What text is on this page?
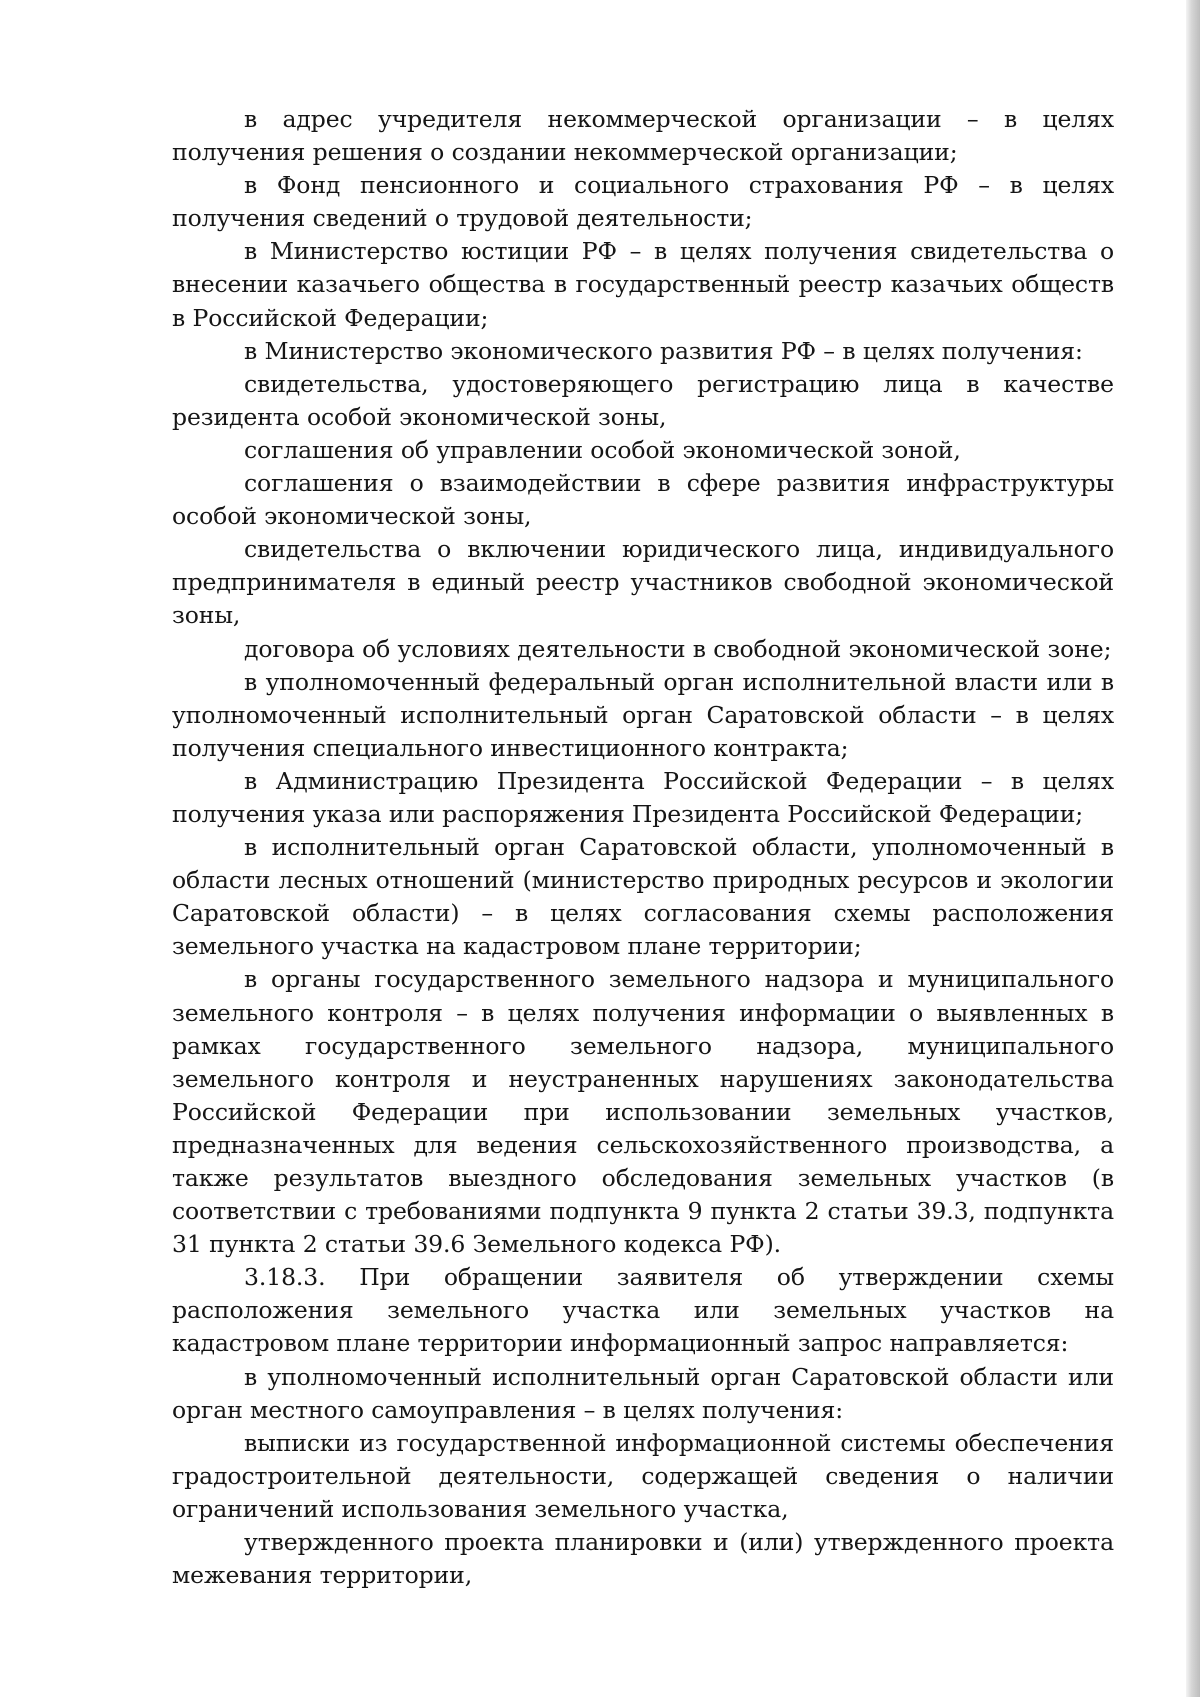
в адрес учредителя некоммерческой организации – в целях получения решения о создании некоммерческой организации;

в Фонд пенсионного и социального страхования РФ – в целях получения сведений о трудовой деятельности;

в Министерство юстиции РФ – в целях получения свидетельства о внесении казачьего общества в государственный реестр казачьих обществ в Российской Федерации;

в Министерство экономического развития РФ – в целях получения:

свидетельства, удостоверяющего регистрацию лица в качестве резидента особой экономической зоны,

соглашения об управлении особой экономической зоной,

соглашения о взаимодействии в сфере развития инфраструктуры особой экономической зоны,

свидетельства о включении юридического лица, индивидуального предпринимателя в единый реестр участников свободной экономической зоны,

договора об условиях деятельности в свободной экономической зоне;

в уполномоченный федеральный орган исполнительной власти или в уполномоченный исполнительный орган Саратовской области – в целях получения специального инвестиционного контракта;

в Администрацию Президента Российской Федерации – в целях получения указа или распоряжения Президента Российской Федерации;

в исполнительный орган Саратовской области, уполномоченный в области лесных отношений (министерство природных ресурсов и экологии Саратовской области) – в целях согласования схемы расположения земельного участка на кадастровом плане территории;

в органы государственного земельного надзора и муниципального земельного контроля – в целях получения информации о выявленных в рамках государственного земельного надзора, муниципального земельного контроля и неустраненных нарушениях законодательства Российской Федерации при использовании земельных участков, предназначенных для ведения сельскохозяйственного производства, а также результатов выездного обследования земельных участков (в соответствии с требованиями подпункта 9 пункта 2 статьи 39.3, подпункта 31 пункта 2 статьи 39.6 Земельного кодекса РФ).

3.18.3. При обращении заявителя об утверждении схемы расположения земельного участка или земельных участков на кадастровом плане территории информационный запрос направляется:

в уполномоченный исполнительный орган Саратовской области или орган местного самоуправления – в целях получения:

выписки из государственной информационной системы обеспечения градостроительной деятельности, содержащей сведения о наличии ограничений использования земельного участка,

утвержденного проекта планировки и (или) утвержденного проекта межевания территории,
